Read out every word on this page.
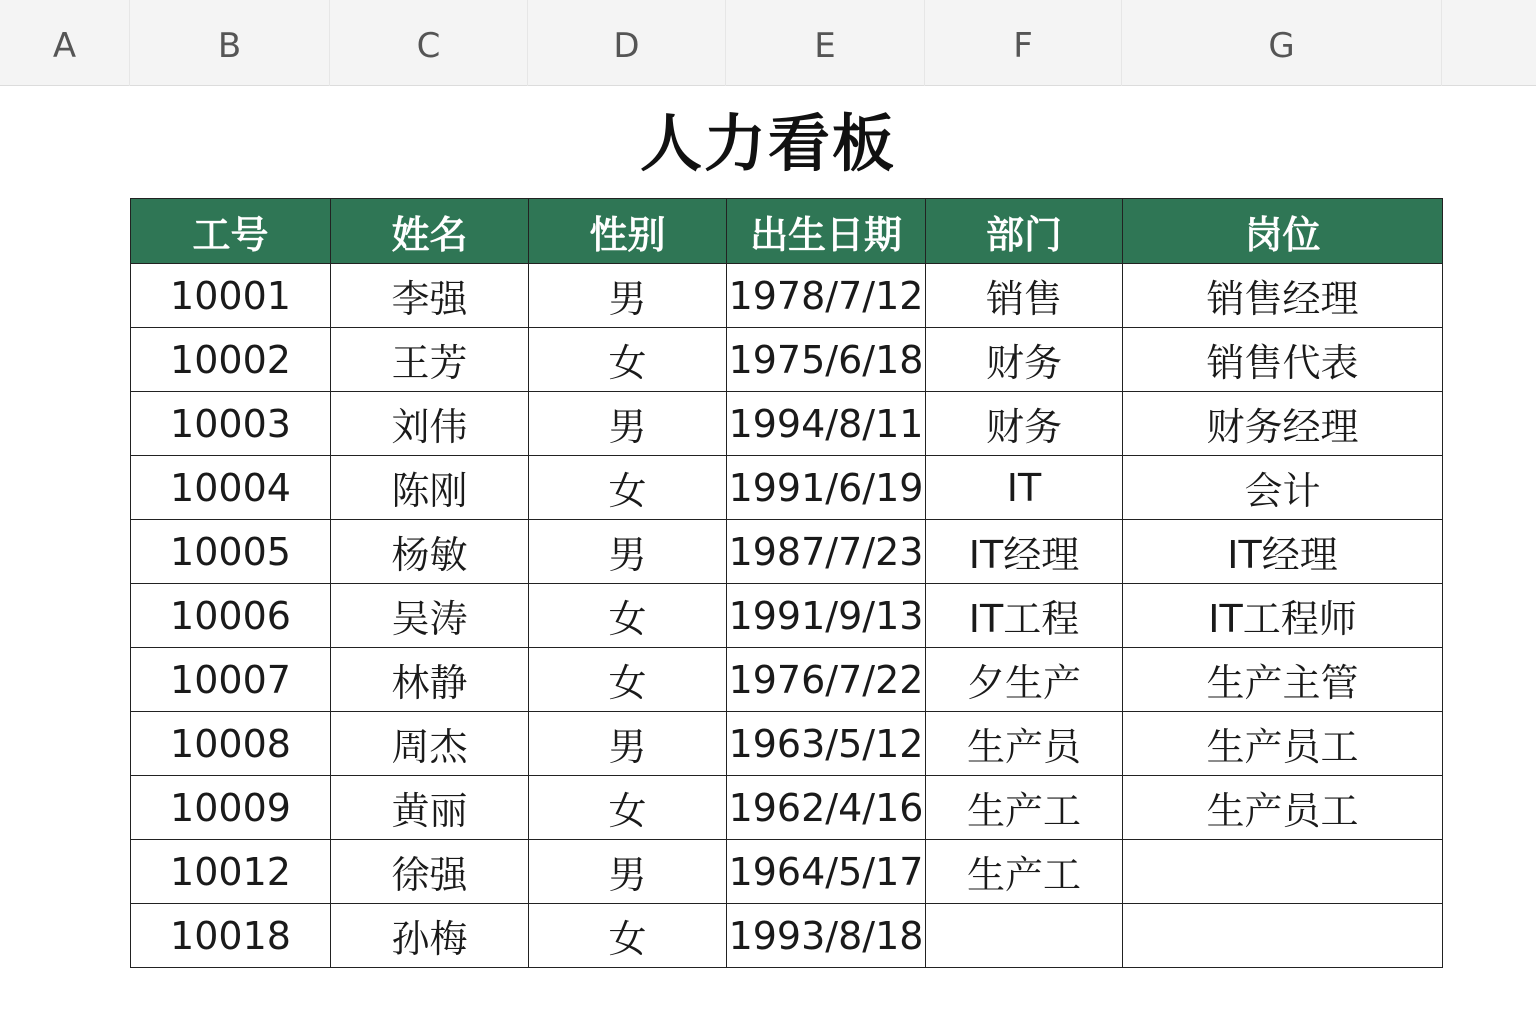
A	B	C	D	E	F	G
人力看板
工号	姓名	性别	出生日期	部门	岗位
10001	李强	男	1978/7/12	销售	销售经理
10002	王芳	女	1975/6/18	财务	销售代表
10003	刘伟	男	1994/8/11	财务	财务经理
10004	陈刚	女	1991/6/19	IT	会计
10005	杨敏	男	1987/7/23	IT经理	IT经理
10006	吴涛	女	1991/9/13	IT工程	IT工程师
10007	林静	女	1976/7/22	夕生产	生产主管
10008	周杰	男	1963/5/12	生产员	生产员工
10009	黄丽	女	1962/4/16	生产工	生产员工
10012	徐强	男	1964/5/17	生产工	
10018	孙梅	女	1993/8/18		
